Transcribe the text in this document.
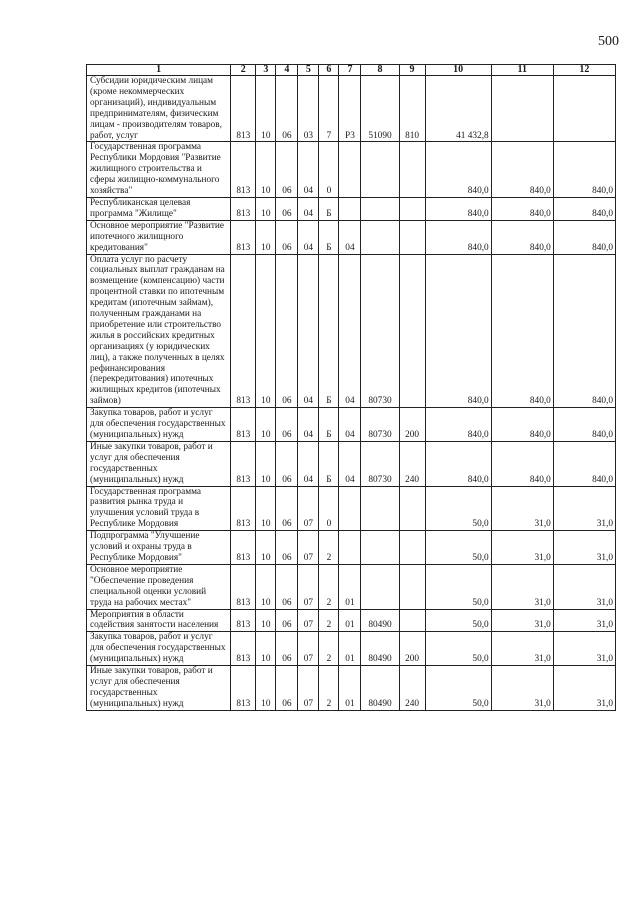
500
1	2	3	4	5	6	7	8	9	10	11	12
Субсидии юридическим лицам (кроме некоммерческих организаций), индивидуальным предпринимателям, физическим лицам - производителям товаров, работ, услуг	813	10	06	03	7	Р3	51090	810	41 432,8		
Государственная программа Республики Мордовия "Развитие жилищного строительства и сферы жилищно-коммунального хозяйства"	813	10	06	04	0				840,0	840,0	840,0
Республиканская целевая программа "Жилище"	813	10	06	04	Б				840,0	840,0	840,0
Основное мероприятие "Развитие ипотечного жилищного кредитования"	813	10	06	04	Б	04			840,0	840,0	840,0
Оплата услуг по расчету социальных выплат гражданам на возмещение (компенсацию) части процентной ставки по ипотечным кредитам (ипотечным займам), полученным гражданами на приобретение или строительство жилья в российских кредитных организациях (у юридических лиц), а также полученных в целях рефинансирования (перекредитования) ипотечных жилищных кредитов (ипотечных займов)	813	10	06	04	Б	04	80730		840,0	840,0	840,0
Закупка товаров, работ и услуг для обеспечения государственных (муниципальных) нужд	813	10	06	04	Б	04	80730	200	840,0	840,0	840,0
Иные закупки товаров, работ и услуг для обеспечения государственных (муниципальных) нужд	813	10	06	04	Б	04	80730	240	840,0	840,0	840,0
Государственная программа развития рынка труда и улучшения условий труда в Республике Мордовия	813	10	06	07	0				50,0	31,0	31,0
Подпрограмма "Улучшение условий и охраны труда в Республике Мордовия"	813	10	06	07	2				50,0	31,0	31,0
Основное мероприятие "Обеспечение проведения специальной оценки условий труда на рабочих местах"	813	10	06	07	2	01			50,0	31,0	31,0
Мероприятия в области содействия занятости населения	813	10	06	07	2	01	80490		50,0	31,0	31,0
Закупка товаров, работ и услуг для обеспечения государственных (муниципальных) нужд	813	10	06	07	2	01	80490	200	50,0	31,0	31,0
Иные закупки товаров, работ и услуг для обеспечения государственных (муниципальных) нужд	813	10	06	07	2	01	80490	240	50,0	31,0	31,0
